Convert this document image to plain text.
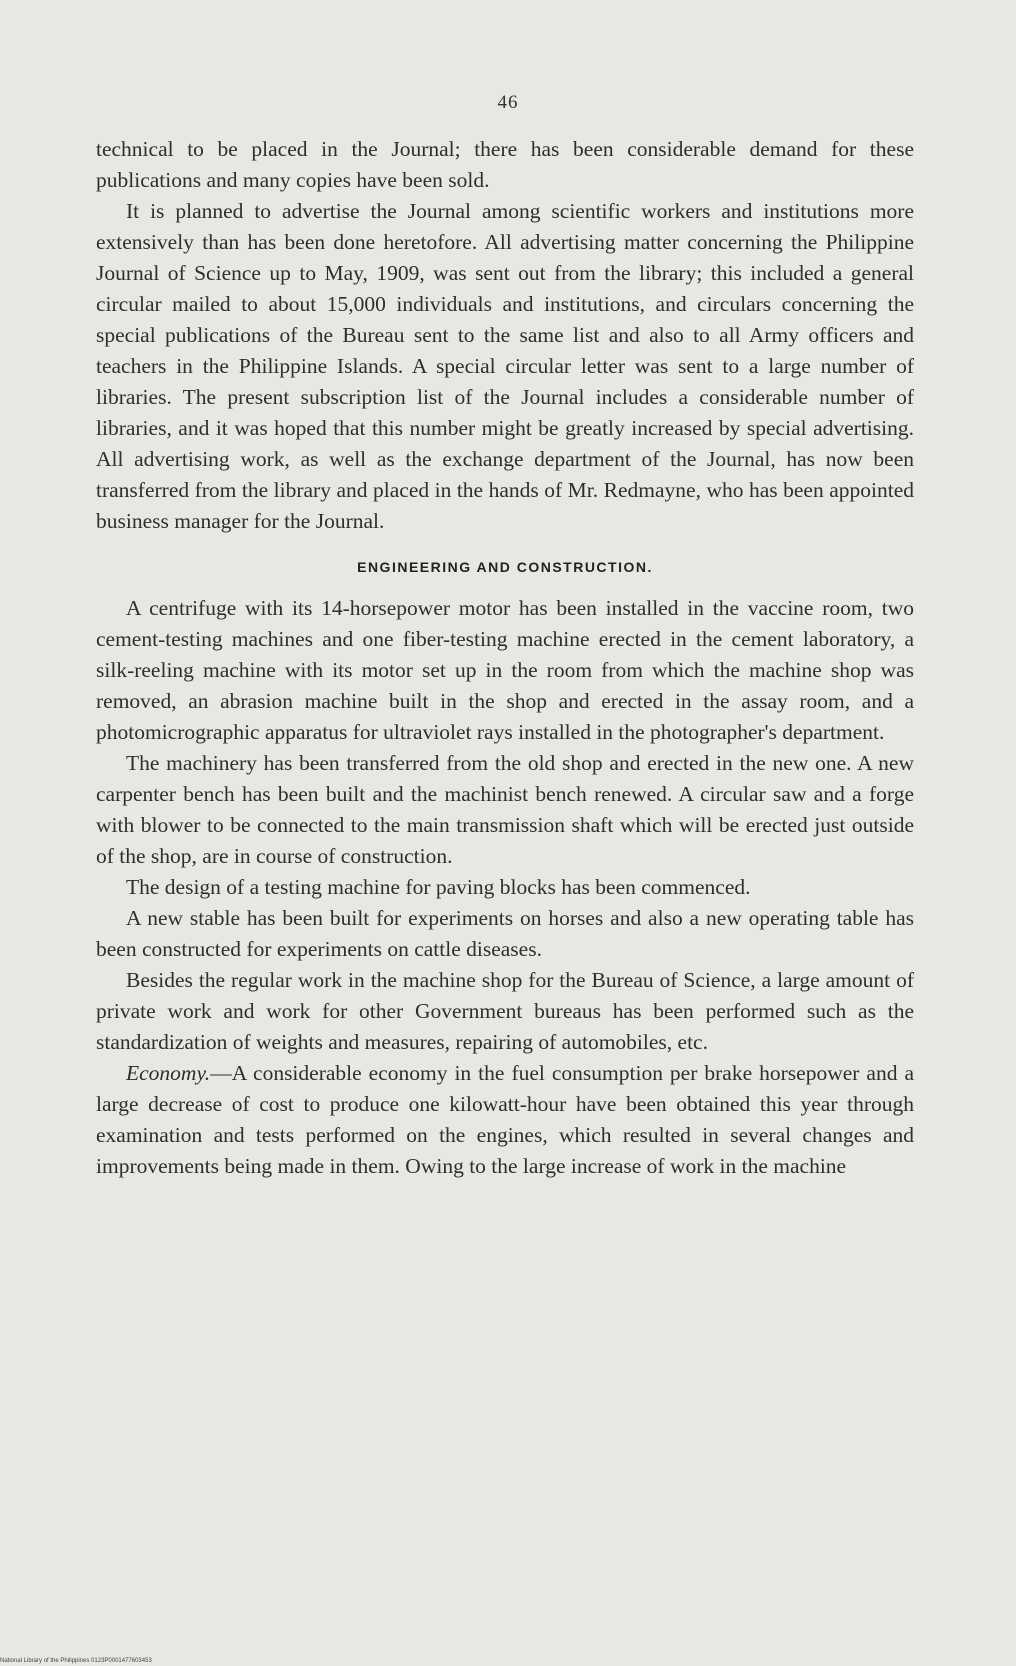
46

technical to be placed in the Journal; there has been considerable demand for these publications and many copies have been sold.

It is planned to advertise the Journal among scientific workers and institutions more extensively than has been done heretofore. All advertising matter concerning the Philippine Journal of Science up to May, 1909, was sent out from the library; this included a general circular mailed to about 15,000 individuals and institutions, and circulars concerning the special publications of the Bureau sent to the same list and also to all Army officers and teachers in the Philippine Islands. A special circular letter was sent to a large number of libraries. The present subscription list of the Journal includes a considerable number of libraries, and it was hoped that this number might be greatly increased by special advertising. All advertising work, as well as the exchange department of the Journal, has now been transferred from the library and placed in the hands of Mr. Redmayne, who has been appointed business manager for the Journal.

ENGINEERING AND CONSTRUCTION.

A centrifuge with its 14-horsepower motor has been installed in the vaccine room, two cement-testing machines and one fiber-testing machine erected in the cement laboratory, a silk-reeling machine with its motor set up in the room from which the machine shop was removed, an abrasion machine built in the shop and erected in the assay room, and a photomicrographic apparatus for ultraviolet rays installed in the photographer's department.

The machinery has been transferred from the old shop and erected in the new one. A new carpenter bench has been built and the machinist bench renewed. A circular saw and a forge with blower to be connected to the main transmission shaft which will be erected just outside of the shop, are in course of construction.

The design of a testing machine for paving blocks has been commenced.

A new stable has been built for experiments on horses and also a new operating table has been constructed for experiments on cattle diseases.

Besides the regular work in the machine shop for the Bureau of Science, a large amount of private work and work for other Government bureaus has been performed such as the standardization of weights and measures, repairing of automobiles, etc.

Economy.—A considerable economy in the fuel consumption per brake horsepower and a large decrease of cost to produce one kilowatt-hour have been obtained this year through examination and tests performed on the engines, which resulted in several changes and improvements being made in them. Owing to the large increase of work in the machine

National Library of the Philippines 0123P0001477603453
